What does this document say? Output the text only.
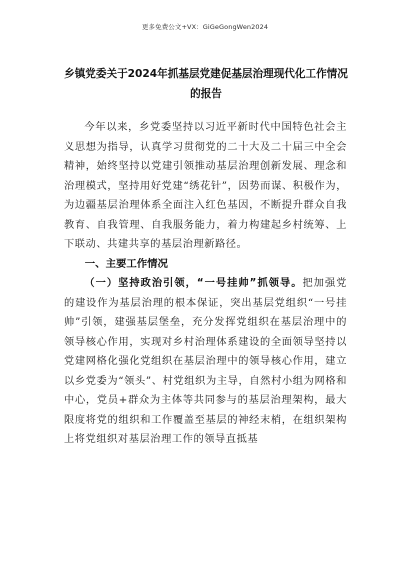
更多免费公文+VX：GiGeGongWen2024
乡镇党委关于2024年抓基层党建促基层治理现代化工作情况的报告

今年以来，乡党委坚持以习近平新时代中国特色社会主义思想为指导，认真学习贯彻党的二十大及二十届三中全会精神，始终坚持以党建引领推动基层治理创新发展、理念和治理模式，坚持用好党建“绣花针”，因势而谋、积极作为，为边疆基层治理体系全面注入红色基因，不断提升群众自我教育、自我管理、自我服务能力，着力构建起乡村统筹、上下联动、共建共享的基层治理新路径。

一、主要工作情况

（一）坚持政治引领，“一号挂帅”抓领导。把加强党的建设作为基层治理的根本保证，突出基层党组织“一号挂帅”引领，建强基层堡垒，充分发挥党组织在基层治理中的领导核心作用，实现对乡村治理体系建设的全面领导坚持以党建网格化强化党组织在基层治理中的领导核心作用，建立以乡党委为“领头”、村党组织为主导，自然村小组为网格和中心，党员+群众为主体等共同参与的基层治理架构，最大限度将党的组织和工作覆盖至基层的神经末梢，在组织架构上将党组织对基层治理工作的领导直抵基
